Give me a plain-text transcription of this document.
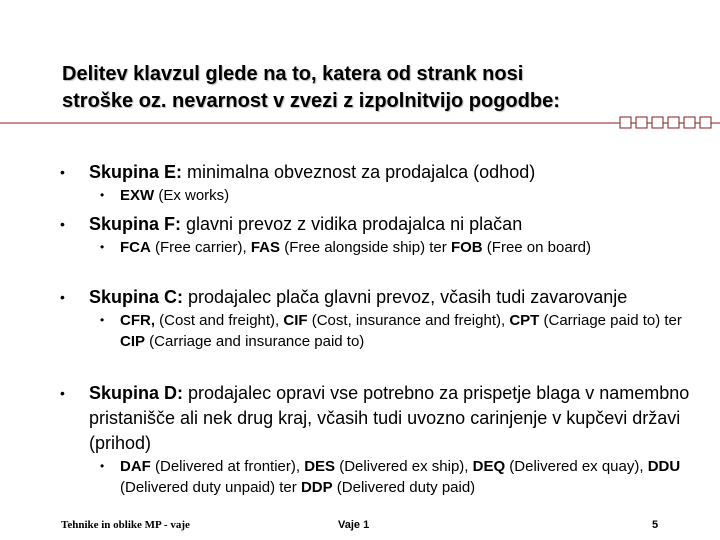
Delitev klavzul glede na to, katera od strank nosi
stroške oz. nevarnost v zvezi z izpolnitvijo pogodbe:
• Skupina E: minimalna obveznost za prodajalca (odhod)
• EXW (Ex works)
• Skupina F: glavni prevoz z vidika prodajalca ni plačan
• FCA (Free carrier), FAS (Free alongside ship) ter FOB (Free on board)
• Skupina C: prodajalec plača glavni prevoz, včasih tudi zavarovanje
• CFR, (Cost and freight), CIF (Cost, insurance and freight), CPT (Carriage paid to) ter CIP (Carriage and insurance paid to)
• Skupina D: prodajalec opravi vse potrebno za prispetje blaga v namembno pristanišče ali nek drug kraj, včasih tudi uvozno carinjenje v kupčevi državi (prihod)
• DAF (Delivered at frontier), DES (Delivered ex ship), DEQ (Delivered ex quay), DDU (Delivered duty unpaid) ter DDP (Delivered duty paid)
Tehnike in oblike MP - vaje	Vaje 1	5
